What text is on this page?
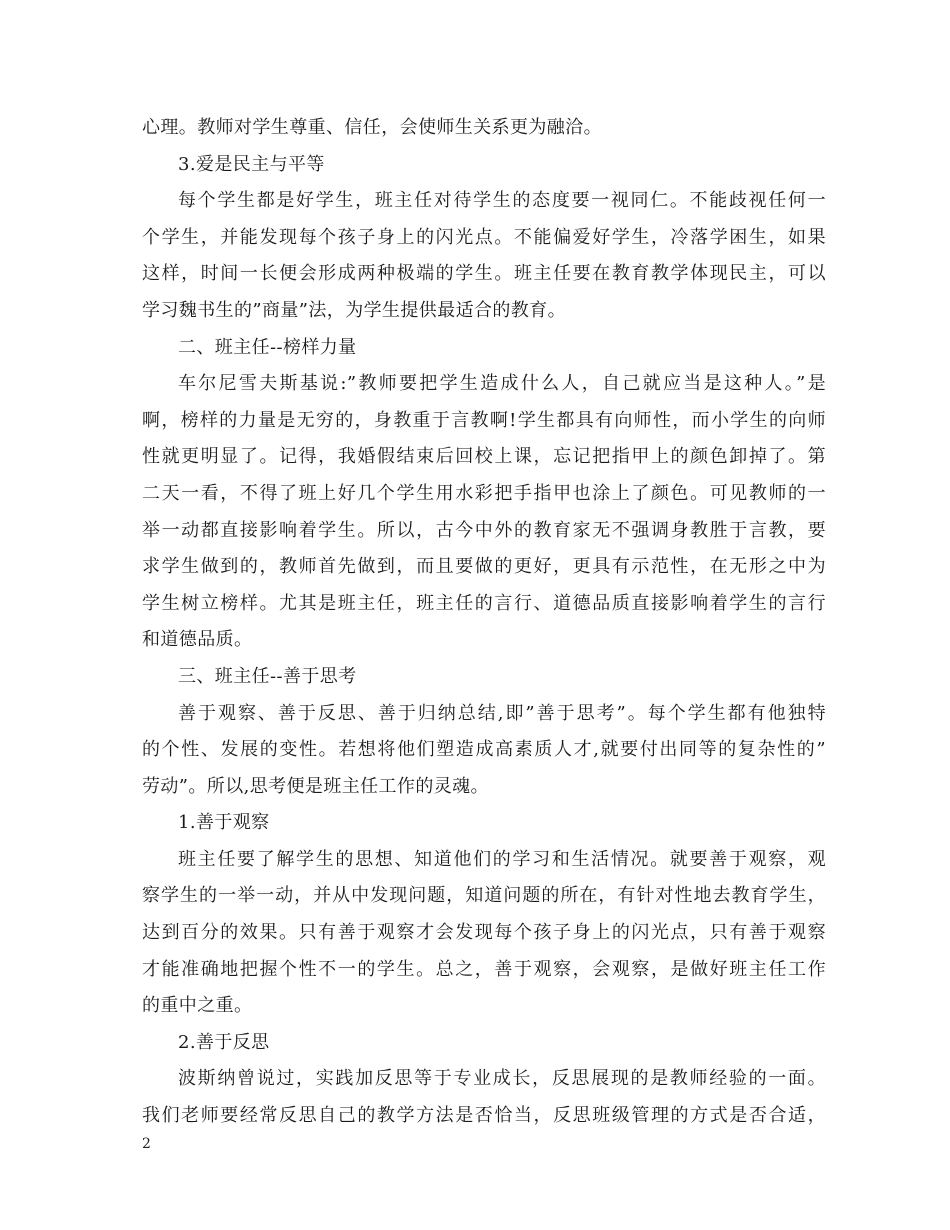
心理。教师对学生尊重、信任，会使师生关系更为融洽。
3.爱是民主与平等
每个学生都是好学生，班主任对待学生的态度要一视同仁。不能歧视任何一
个学生，并能发现每个孩子身上的闪光点。不能偏爱好学生，冷落学困生，如果
这样，时间一长便会形成两种极端的学生。班主任要在教育教学体现民主，可以
学习魏书生的”商量”法，为学生提供最适合的教育。
二、班主任--榜样力量
车尔尼雪夫斯基说:”教师要把学生造成什么人，自己就应当是这种人。”是
啊，榜样的力量是无穷的，身教重于言教啊!学生都具有向师性，而小学生的向师
性就更明显了。记得，我婚假结束后回校上课，忘记把指甲上的颜色卸掉了。第
二天一看，不得了班上好几个学生用水彩把手指甲也涂上了颜色。可见教师的一
举一动都直接影响着学生。所以，古今中外的教育家无不强调身教胜于言教，要
求学生做到的，教师首先做到，而且要做的更好，更具有示范性，在无形之中为
学生树立榜样。尤其是班主任，班主任的言行、道德品质直接影响着学生的言行
和道德品质。
三、班主任--善于思考
善于观察、善于反思、善于归纳总结,即”善于思考”。每个学生都有他独特
的个性、发展的变性。若想将他们塑造成高素质人才,就要付出同等的复杂性的”
劳动”。所以,思考便是班主任工作的灵魂。
1.善于观察
班主任要了解学生的思想、知道他们的学习和生活情况。就要善于观察，观
察学生的一举一动，并从中发现问题，知道问题的所在，有针对性地去教育学生，
达到百分的效果。只有善于观察才会发现每个孩子身上的闪光点，只有善于观察
才能准确地把握个性不一的学生。总之，善于观察，会观察，是做好班主任工作
的重中之重。
2.善于反思
波斯纳曾说过，实践加反思等于专业成长，反思展现的是教师经验的一面。
我们老师要经常反思自己的教学方法是否恰当，反思班级管理的方式是否合适，
2
